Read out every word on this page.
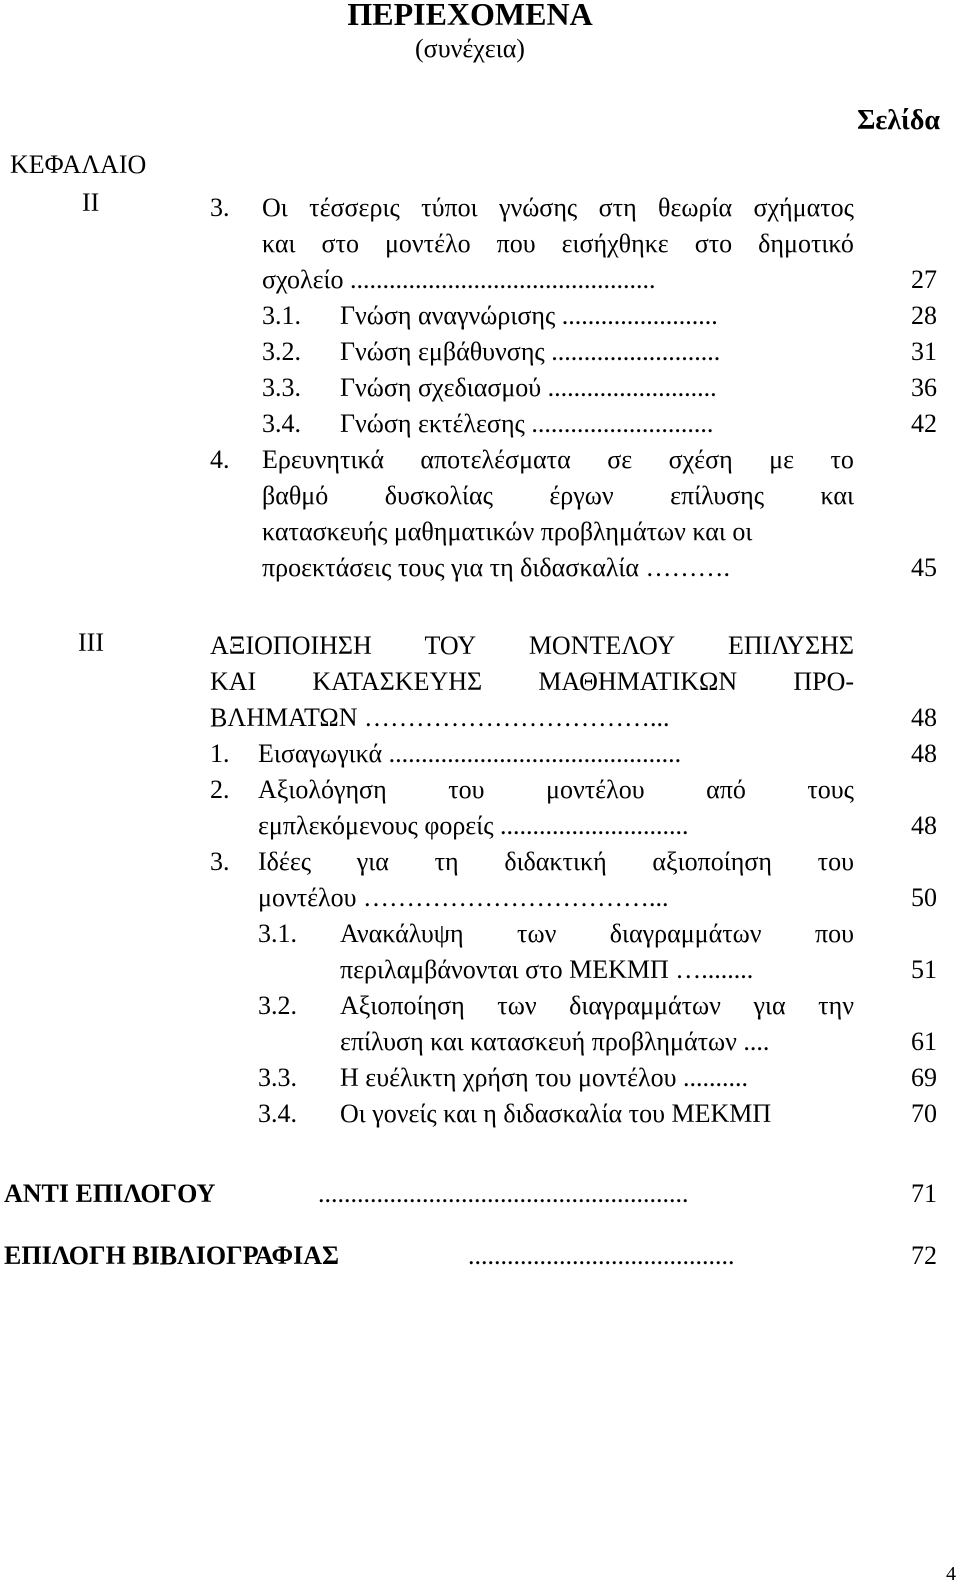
ΠΕΡΙΕΧΟΜΕΝΑ
(συνέχεια)
Σελίδα
ΚΕΦΑΛΑΙΟ
ΙΙ	3. Οι τέσσερις τύποι γνώσης στη θεωρία σχήματος
και στο μοντέλο που εισήχθηκε στο δημοτικό
σχολείο ...............................................	27
3.1. Γνώση αναγνώρισης ........................	28
3.2. Γνώση εμβάθυνσης ..........................	31
3.3. Γνώση σχεδιασμού ..........................	36
3.4. Γνώση εκτέλεσης ............................	42
4. Ερευνητικά αποτελέσματα σε σχέση με το
βαθμό δυσκολίας έργων επίλυσης και
κατασκευής μαθηματικών προβλημάτων και οι
προεκτάσεις τους για τη διδασκαλία ……….	45
ΙΙΙ	ΑΞΙΟΠΟΙΗΣΗ ΤΟΥ ΜΟΝΤΕΛΟΥ ΕΠΙΛΥΣΗΣ
ΚΑΙ ΚΑΤΑΣΚΕΥΗΣ ΜΑΘΗΜΑΤΙΚΩΝ ΠΡΟ-
ΒΛΗΜΑΤΩΝ ……………………………...	48
1. Εισαγωγικά .............................................	48
2. Αξιολόγηση του μοντέλου από τους
εμπλεκόμενους φορείς .............................	48
3. Ιδέες για τη διδακτική αξιοποίηση του
μοντέλου ……………………………...	50
3.1. Ανακάλυψη των διαγραμμάτων που
περιλαμβάνονται στο ΜΕΚΜΠ …........	51
3.2. Αξιοποίηση των διαγραμμάτων για την
επίλυση και κατασκευή προβλημάτων ....	61
3.3. Η ευέλικτη χρήση του μοντέλου ..........	69
3.4. Οι γονείς και η διδασκαλία του ΜΕΚΜΠ	70
ΑΝΤΙ ΕΠΙΛΟΓΟΥ	.........................................................	71
ΕΠΙΛΟΓΗ ΒΙΒΛΙΟΓΡΑΦΙΑΣ	.........................................	72
4
